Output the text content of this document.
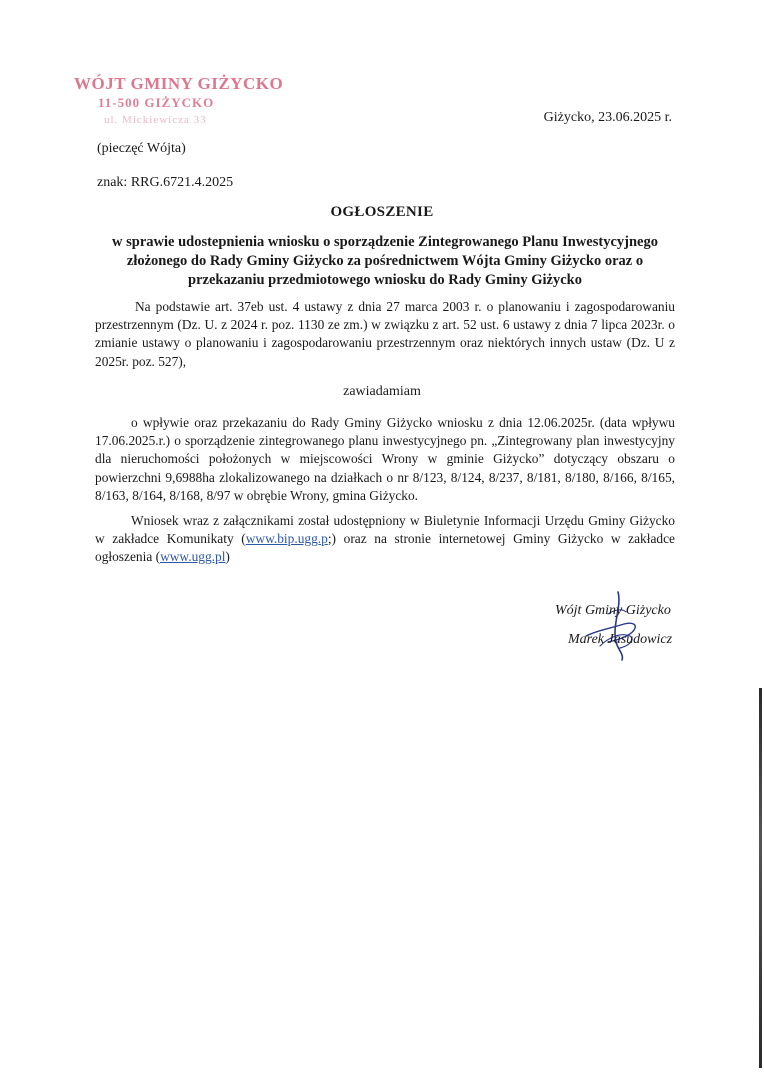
WÓJT GMINY GIŻYCKO
11-500 GIŻYCKO
ul. Mickiewicza 33	Giżycko, 23.06.2025 r.
(pieczęć Wójta)
znak: RRG.6721.4.2025
OGŁOSZENIE
w sprawie udostepnienia wniosku o sporządzenie Zintegrowanego Planu Inwestycyjnego
złożonego do Rady Gminy Giżycko za pośrednictwem Wójta Gminy Giżycko oraz o
przekazaniu przedmiotowego wniosku do Rady Gminy Giżycko
Na podstawie art. 37eb ust. 4 ustawy z dnia 27 marca 2003 r. o planowaniu i zagospodarowaniu przestrzennym (Dz. U. z 2024 r. poz. 1130 ze zm.) w związku z art. 52 ust. 6 ustawy z dnia 7 lipca 2023r. o zmianie ustawy o planowaniu i zagospodarowaniu przestrzennym oraz niektórych innych ustaw (Dz. U z 2025r. poz. 527),
zawiadamiam
o wpływie oraz przekazaniu do Rady Gminy Giżycko wniosku z dnia 12.06.2025r. (data wpływu 17.06.2025.r.) o sporządzenie zintegrowanego planu inwestycyjnego pn. „Zintegrowany plan inwestycyjny dla nieruchomości położonych w miejscowości Wrony w gminie Giżycko” dotyczący obszaru o powierzchni 9,6988ha zlokalizowanego na działkach o nr 8/123, 8/124, 8/237, 8/181, 8/180, 8/166, 8/165, 8/163, 8/164, 8/168, 8/97 w obrębie Wrony, gmina Giżycko.
Wniosek wraz z załącznikami został udostępniony w Biuletynie Informacji Urzędu Gminy Giżycko w zakładce Komunikaty (www.bip.ugg.p;) oraz na stronie internetowej Gminy Giżycko w zakładce ogłoszenia (www.ugg.pl)
Wójt Gminy Giżycko
Marek Jasudowicz
